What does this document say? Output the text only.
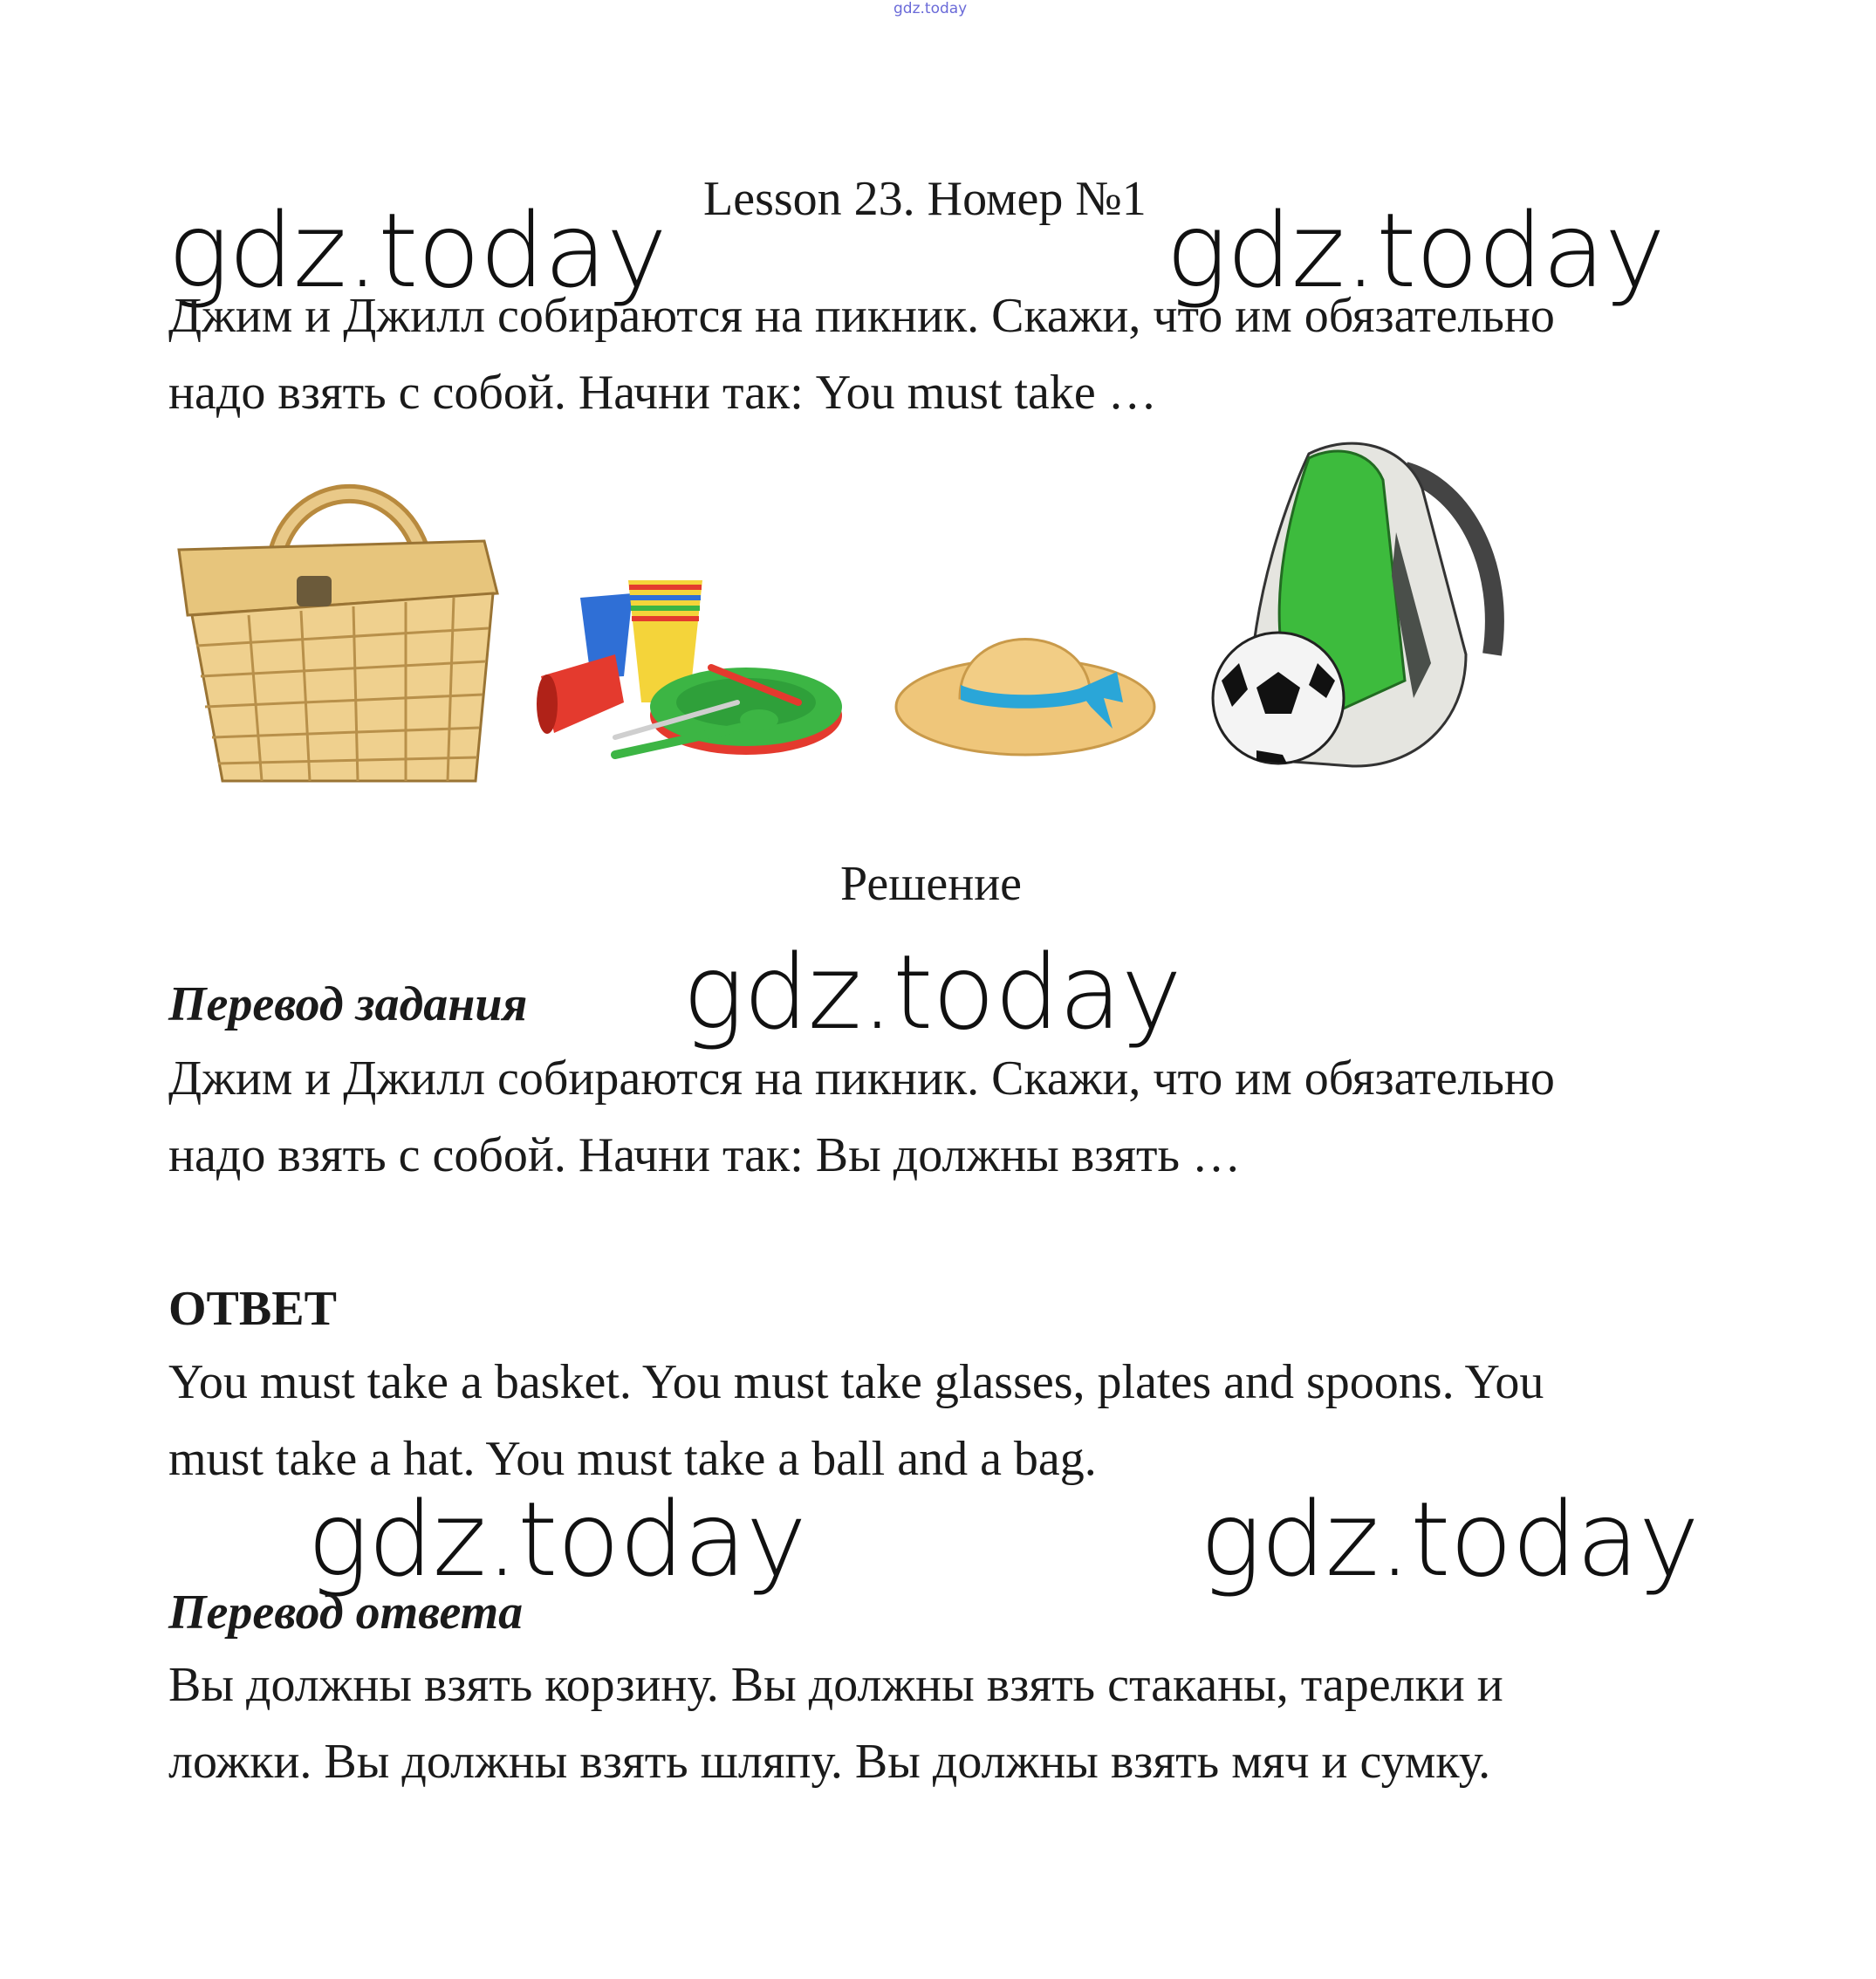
gdz.today
Lesson 23. Номер №1
gdz.today	gdz.today
Джим и Джилл собираются на пикник. Скажи, что им обязательно
надо взять с собой. Начни так: You must take …
Решение
Перевод задания gdz.today
Джим и Джилл собираются на пикник. Скажи, что им обязательно
надо взять с собой. Начни так: Вы должны взять …
ОТВЕТ
You must take a basket. You must take glasses, plates and spoons. You
must take a hat. You must take a ball and a bag.
gdz.today	gdz.today
Перевод ответа
Вы должны взять корзину. Вы должны взять стаканы, тарелки и
ложки. Вы должны взять шляпу. Вы должны взять мяч и сумку.
